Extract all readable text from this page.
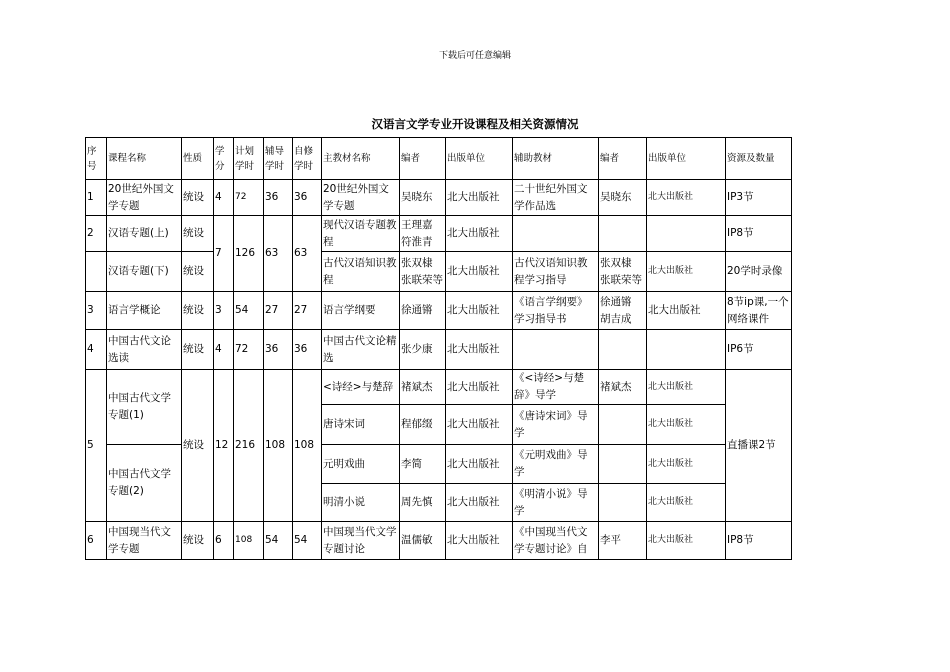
下载后可任意编辑
汉语言文学专业开设课程及相关资源情况
序号	课程名称	性质	学分	计划学时	辅导学时	自修学时	主教材名称	编者	出版单位	辅助教材	编者	出版单位	资源及数量
1	20世纪外国文学专题	统设	4	72	36	36	20世纪外国文学专题	吴晓东	北大出版社	二十世纪外国文学作品选	吴晓东	北大出版社	IP3节
2	汉语专题(上)	统设	7	126	63	63	现代汉语专题教程	王理嘉 符淮青	北大出版社				IP8节
	汉语专题(下)	统设					古代汉语知识教程	张双棣 张联荣等	北大出版社	古代汉语知识教程学习指导	张双棣 张联荣等	北大出版社	20学时录像
3	语言学概论	统设	3	54	27	27	语言学纲要	徐通锵	北大出版社	《语言学纲要》学习指导书	徐通锵 胡吉成	北大出版社	8节ip课,一个网络课件
4	中国古代文论选读	统设	4	72	36	36	中国古代文论精选	张少康	北大出版社				IP6节
5	中国古代文学专题(1)	统设	12	216	108	108	<诗经>与楚辞	褚斌杰	北大出版社	《<诗经>与楚辞》导学	褚斌杰	北大出版社	直播课2节
							唐诗宋词	程郁缀	北大出版社	《唐诗宋词》导学		北大出版社	
	中国古代文学专题(2)						元明戏曲	李简	北大出版社	《元明戏曲》导学		北大出版社	
							明清小说	周先慎	北大出版社	《明清小说》导学		北大出版社	
6	中国现当代文学专题	统设	6	108	54	54	中国现当代文学专题讨论	温儒敏	北大出版社	《中国现当代文学专题讨论》自	李平	北大出版社	IP8节
